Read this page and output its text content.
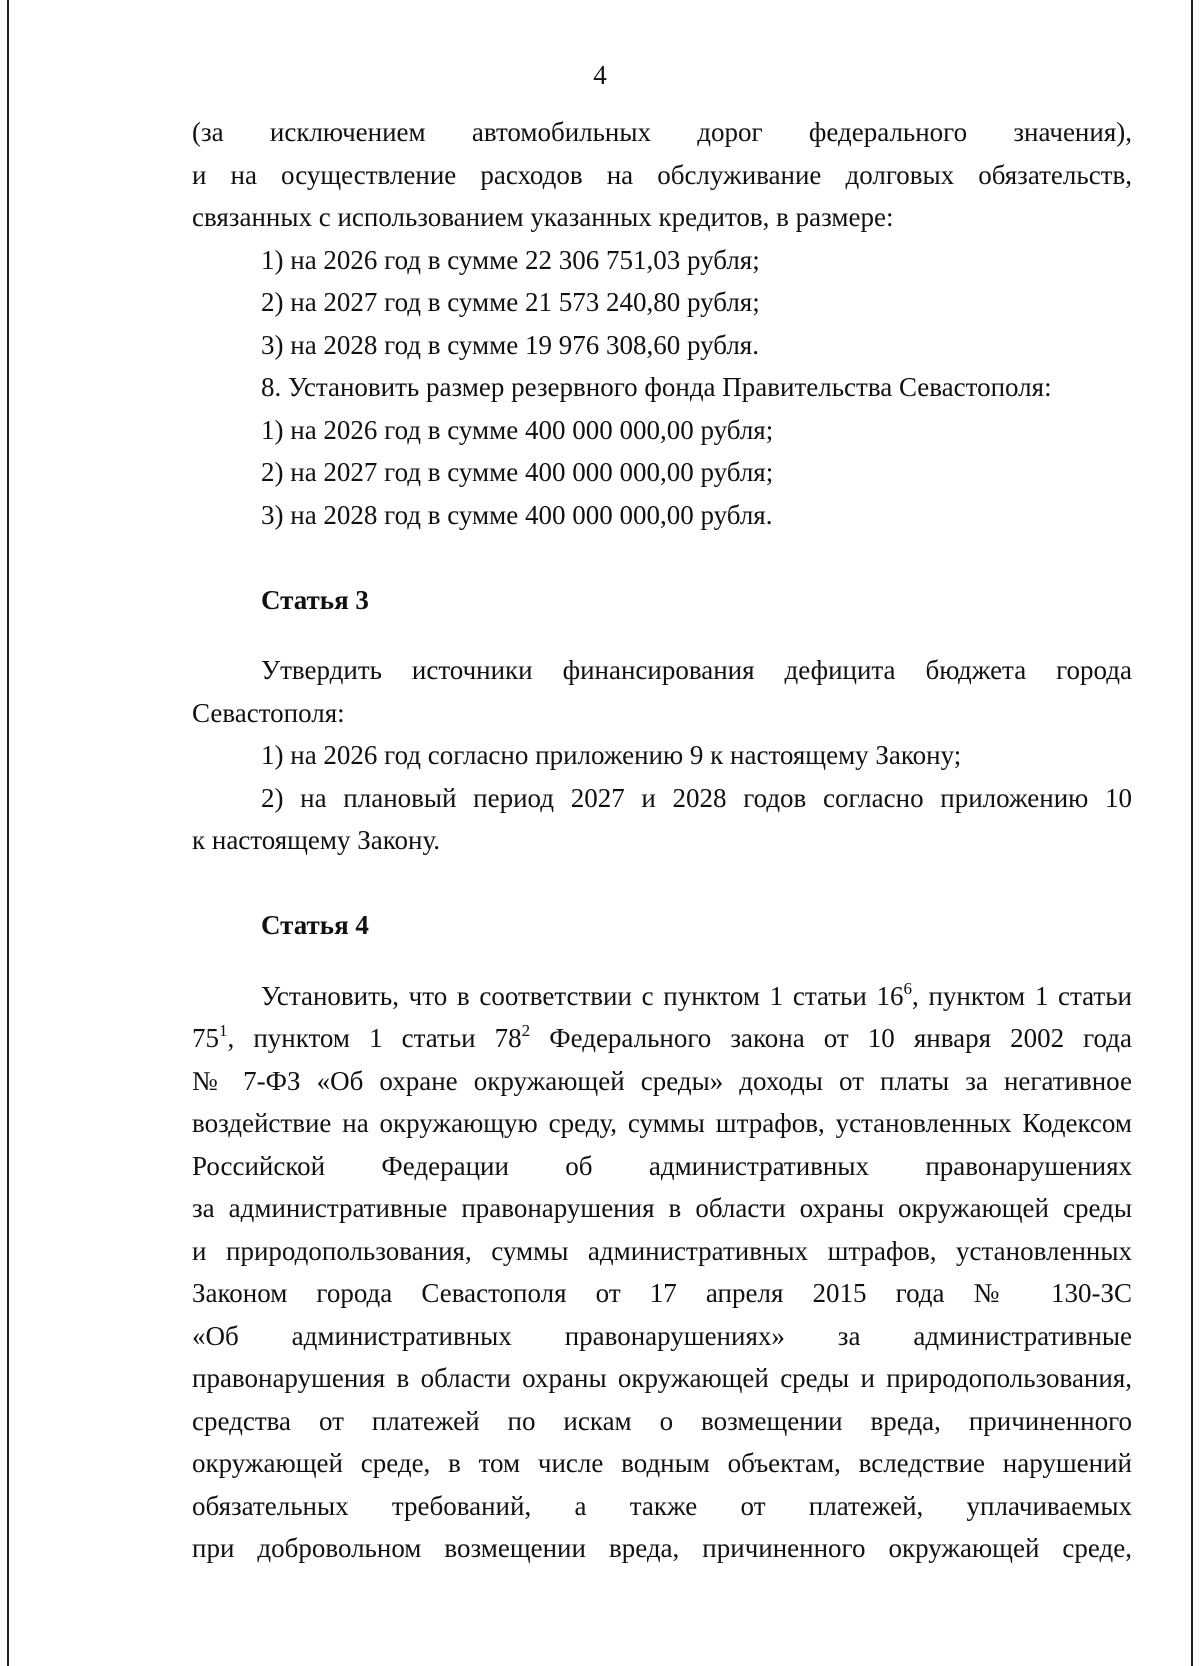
4

(за исключением автомобильных дорог федерального значения),

и на осуществление расходов на обслуживание долговых обязательств,

связанных с использованием указанных кредитов, в размере:

1) на 2026 год в сумме 22 306 751,03 рубля;

2) на 2027 год в сумме 21 573 240,80 рубля;

3) на 2028 год в сумме 19 976 308,60 рубля.

8. Установить размер резервного фонда Правительства Севастополя:

1) на 2026 год в сумме 400 000 000,00 рубля;

2) на 2027 год в сумме 400 000 000,00 рубля;

3) на 2028 год в сумме 400 000 000,00 рубля.

Статья 3

Утвердить источники финансирования дефицита бюджета города

Севастополя:

1) на 2026 год согласно приложению 9 к настоящему Закону;

2) на плановый период 2027 и 2028 годов согласно приложению 10

к настоящему Закону.

Статья 4

Установить, что в соответствии с пунктом 1 статьи $16^6$, пунктом 1 статьи

$75^1$, пунктом 1 статьи $78^2$ Федерального закона от 10 января 2002 года

№ 7-ФЗ «Об охране окружающей среды» доходы от платы за негативное

воздействие на окружающую среду, суммы штрафов, установленных Кодексом

Российской Федерации об административных правонарушениях

за административные правонарушения в области охраны окружающей среды

и природопользования, суммы административных штрафов, установленных

Законом города Севастополя от 17 апреля 2015 года № 130-ЗС

«Об административных правонарушениях» за административные

правонарушения в области охраны окружающей среды и природопользования,

средства от платежей по искам о возмещении вреда, причиненного

окружающей среде, в том числе водным объектам, вследствие нарушений

обязательных требований, а также от платежей, уплачиваемых

при добровольном возмещении вреда, причиненного окружающей среде,
